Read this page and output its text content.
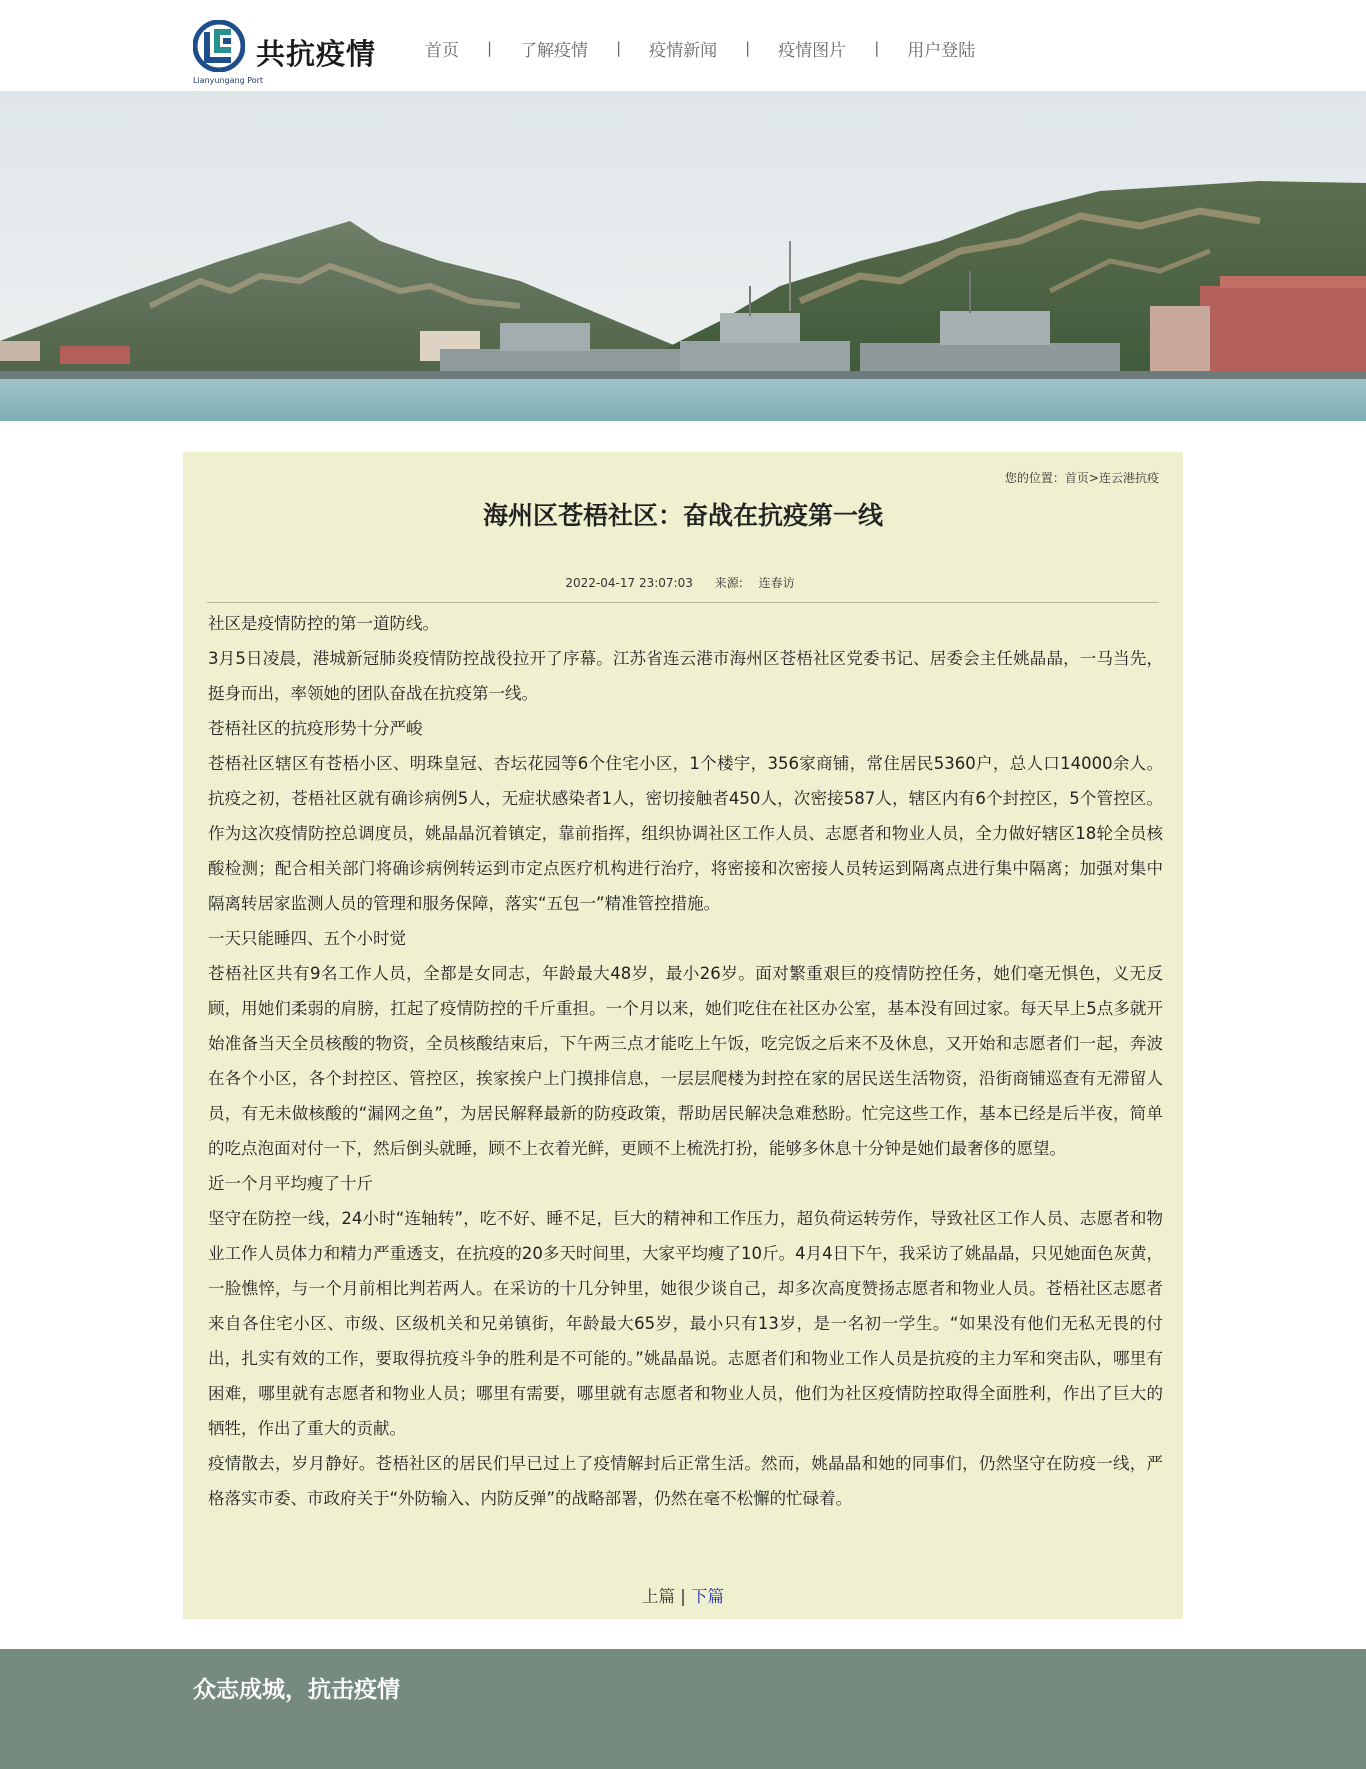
共抗疫情
Lianyungang Port
首页 | 了解疫情 | 疫情新闻 | 疫情图片 | 用户登陆
您的位置：首页>连云港抗疫
海州区苍梧社区：奋战在抗疫第一线
2022-04-17 23:07:03 来源: 连春访

社区是疫情防控的第一道防线。

3月5日凌晨，港城新冠肺炎疫情防控战役拉开了序幕。江苏省连云港市海州区苍梧社区党委书记、居委会主任姚晶晶，一马当先，挺身而出，率领她的团队奋战在抗疫第一线。

苍梧社区的抗疫形势十分严峻

苍梧社区辖区有苍梧小区、明珠皇冠、杏坛花园等6个住宅小区，1个楼宇，356家商铺，常住居民5360户，总人口14000余人。抗疫之初，苍梧社区就有确诊病例5人，无症状感染者1人，密切接触者450人，次密接587人，辖区内有6个封控区，5个管控区。作为这次疫情防控总调度员，姚晶晶沉着镇定，靠前指挥，组织协调社区工作人员、志愿者和物业人员，全力做好辖区18轮全员核酸检测；配合相关部门将确诊病例转运到市定点医疗机构进行治疗，将密接和次密接人员转运到隔离点进行集中隔离；加强对集中隔离转居家监测人员的管理和服务保障，落实“五包一”精准管控措施。

一天只能睡四、五个小时觉

苍梧社区共有9名工作人员，全都是女同志，年龄最大48岁，最小26岁。面对繁重艰巨的疫情防控任务，她们毫无惧色，义无反顾，用她们柔弱的肩膀，扛起了疫情防控的千斤重担。一个月以来，她们吃住在社区办公室，基本没有回过家。每天早上5点多就开始准备当天全员核酸的物资，全员核酸结束后，下午两三点才能吃上午饭，吃完饭之后来不及休息，又开始和志愿者们一起，奔波在各个小区，各个封控区、管控区，挨家挨户上门摸排信息，一层层爬楼为封控在家的居民送生活物资，沿街商铺巡查有无滞留人员，有无未做核酸的“漏网之鱼”，为居民解释最新的防疫政策，帮助居民解决急难愁盼。忙完这些工作，基本已经是后半夜，简单的吃点泡面对付一下，然后倒头就睡，顾不上衣着光鲜，更顾不上梳洗打扮，能够多休息十分钟是她们最奢侈的愿望。

近一个月平均瘦了十斤

坚守在防控一线，24小时“连轴转”，吃不好、睡不足，巨大的精神和工作压力，超负荷运转劳作，导致社区工作人员、志愿者和物业工作人员体力和精力严重透支，在抗疫的20多天时间里，大家平均瘦了10斤。4月4日下午，我采访了姚晶晶，只见她面色灰黄，一脸憔悴，与一个月前相比判若两人。在采访的十几分钟里，她很少谈自己，却多次高度赞扬志愿者和物业人员。苍梧社区志愿者来自各住宅小区、市级、区级机关和兄弟镇街，年龄最大65岁，最小只有13岁，是一名初一学生。“如果没有他们无私无畏的付出，扎实有效的工作，要取得抗疫斗争的胜利是不可能的。”姚晶晶说。志愿者们和物业工作人员是抗疫的主力军和突击队，哪里有困难，哪里就有志愿者和物业人员；哪里有需要，哪里就有志愿者和物业人员，他们为社区疫情防控取得全面胜利，作出了巨大的牺牲，作出了重大的贡献。

疫情散去，岁月静好。苍梧社区的居民们早已过上了疫情解封后正常生活。然而，姚晶晶和她的同事们，仍然坚守在防疫一线，严格落实市委、市政府关于“外防输入、内防反弹”的战略部署，仍然在毫不松懈的忙碌着。

上篇 | 下篇
众志成城，抗击疫情
